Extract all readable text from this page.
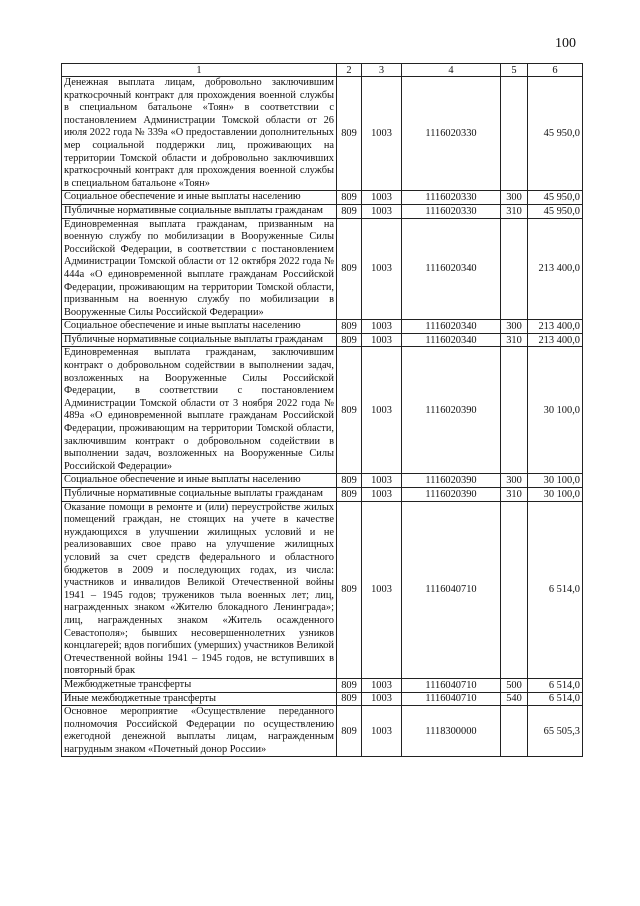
100
1	2	3	4	5	6
Денежная выплата лицам, добровольно заключившим краткосрочный контракт для прохождения военной службы в специальном батальоне «Тоян» в соответствии с постановлением Администрации Томской области от 26 июля 2022 года № 339а «О предоставлении дополнительных мер социальной поддержки лиц, проживающих на территории Томской области и добровольно заключивших краткосрочный контракт для прохождения военной службы в специальном батальоне «Тоян»	809	1003	1116020330		45 950,0
Социальное обеспечение и иные выплаты населению	809	1003	1116020330	300	45 950,0
Публичные нормативные социальные выплаты гражданам	809	1003	1116020330	310	45 950,0
Единовременная выплата гражданам, призванным на военную службу по мобилизации в Вооруженные Силы Российской Федерации, в соответствии с постановлением Администрации Томской области от 12 октября 2022 года № 444а «О единовременной выплате гражданам Российской Федерации, проживающим на территории Томской области, призванным на военную службу по мобилизации в Вооруженные Силы Российской Федерации»	809	1003	1116020340		213 400,0
Социальное обеспечение и иные выплаты населению	809	1003	1116020340	300	213 400,0
Публичные нормативные социальные выплаты гражданам	809	1003	1116020340	310	213 400,0
Единовременная выплата гражданам, заключившим контракт о добровольном содействии в выполнении задач, возложенных на Вооруженные Силы Российской Федерации, в соответствии с постановлением Администрации Томской области от 3 ноября 2022 года № 489а «О единовременной выплате гражданам Российской Федерации, проживающим на территории Томской области, заключившим контракт о добровольном содействии в выполнении задач, возложенных на Вооруженные Силы Российской Федерации»	809	1003	1116020390		30 100,0
Социальное обеспечение и иные выплаты населению	809	1003	1116020390	300	30 100,0
Публичные нормативные социальные выплаты гражданам	809	1003	1116020390	310	30 100,0
Оказание помощи в ремонте и (или) переустройстве жилых помещений граждан, не стоящих на учете в качестве нуждающихся в улучшении жилищных условий и не реализовавших свое право на улучшение жилищных условий за счет средств федерального и областного бюджетов в 2009 и последующих годах, из числа: участников и инвалидов Великой Отечественной войны 1941 – 1945 годов; тружеников тыла военных лет; лиц, награжденных знаком «Жителю блокадного Ленинграда»; лиц, награжденных знаком «Житель осажденного Севастополя»; бывших несовершеннолетних узников концлагерей; вдов погибших (умерших) участников Великой Отечественной войны 1941 – 1945 годов, не вступивших в повторный брак	809	1003	1116040710		6 514,0
Межбюджетные трансферты	809	1003	1116040710	500	6 514,0
Иные межбюджетные трансферты	809	1003	1116040710	540	6 514,0
Основное мероприятие «Осуществление переданного полномочия Российской Федерации по осуществлению ежегодной денежной выплаты лицам, награжденным нагрудным знаком «Почетный донор России»	809	1003	1118300000		65 505,3
